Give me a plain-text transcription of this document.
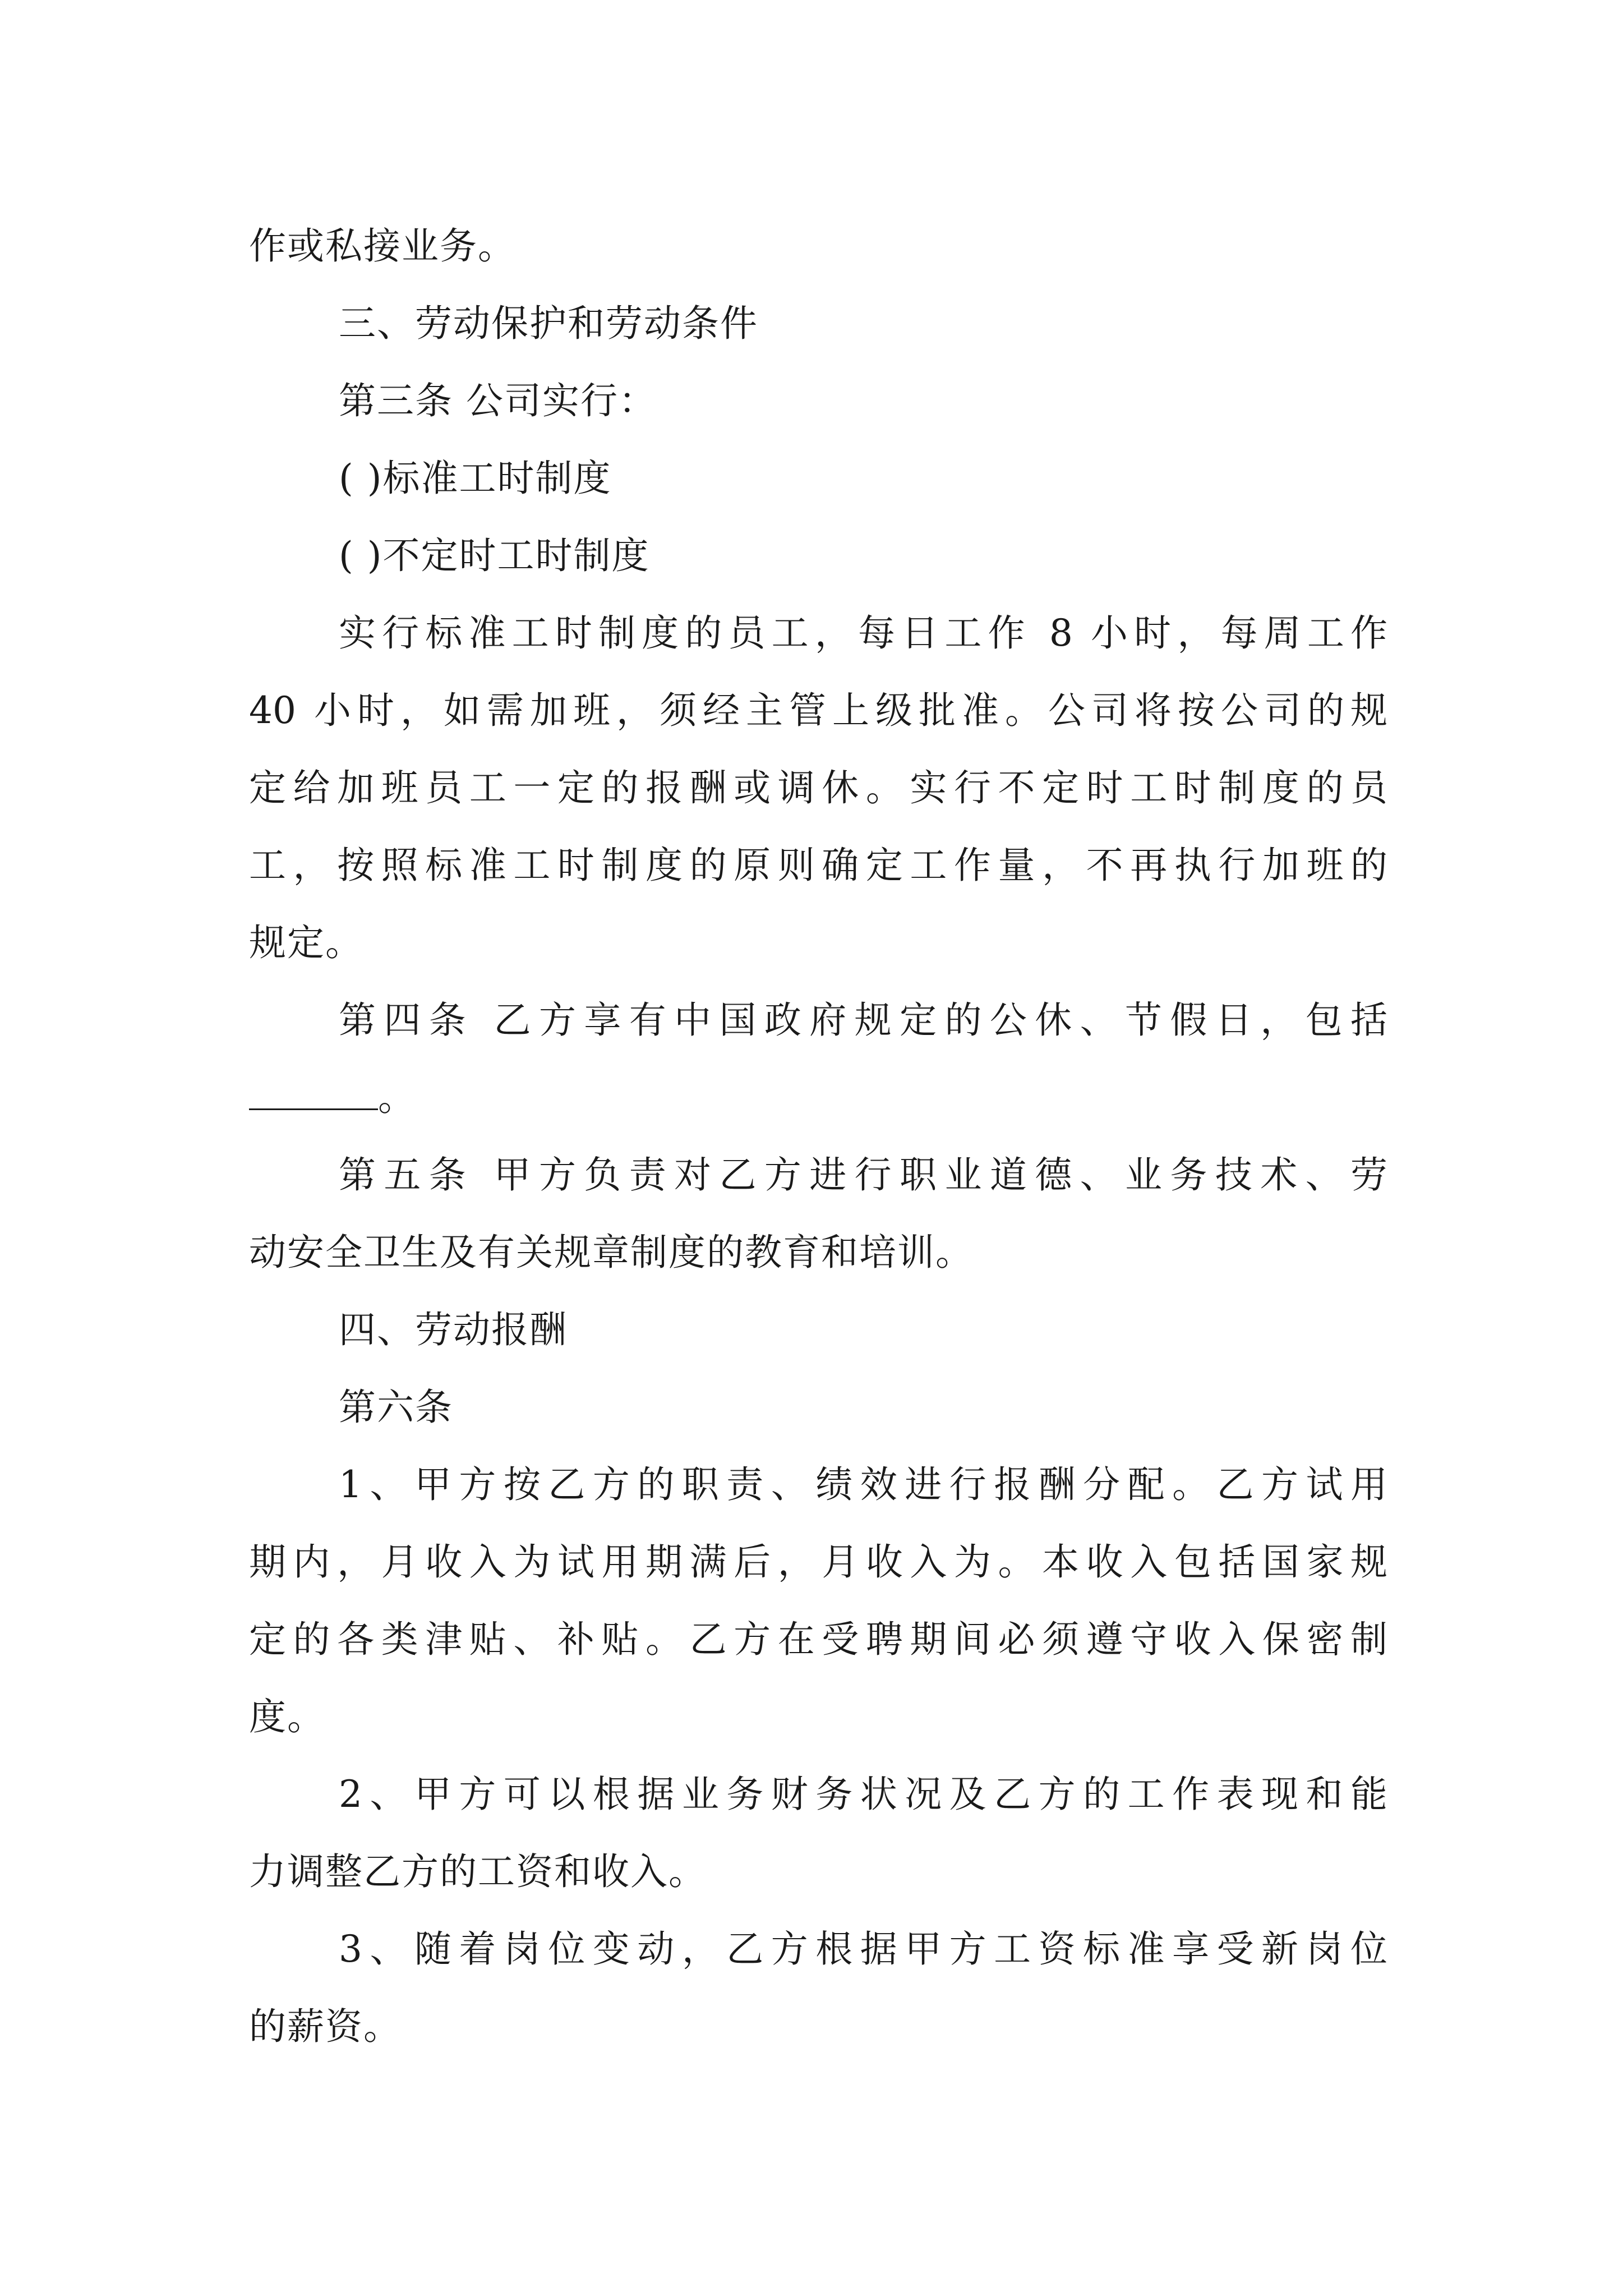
作或私接业务。
三、劳动保护和劳动条件
第三条 公司实行：
( )标准工时制度
( )不定时工时制度
实行标准工时制度的员工，每日工作 8 小时，每周工作
40 小时，如需加班，须经主管上级批准。公司将按公司的规
定给加班员工一定的报酬或调休。实行不定时工时制度的员
工，按照标准工时制度的原则确定工作量，不再执行加班的
规定。
第四条 乙方享有中国政府规定的公休、节假日，包括
。
第五条 甲方负责对乙方进行职业道德、业务技术、劳
动安全卫生及有关规章制度的教育和培训。
四、劳动报酬
第六条
1、甲方按乙方的职责、绩效进行报酬分配。乙方试用
期内，月收入为试用期满后，月收入为。本收入包括国家规
定的各类津贴、补贴。乙方在受聘期间必须遵守收入保密制
度。
2、甲方可以根据业务财务状况及乙方的工作表现和能
力调整乙方的工资和收入。
3、随着岗位变动，乙方根据甲方工资标准享受新岗位
的薪资。
